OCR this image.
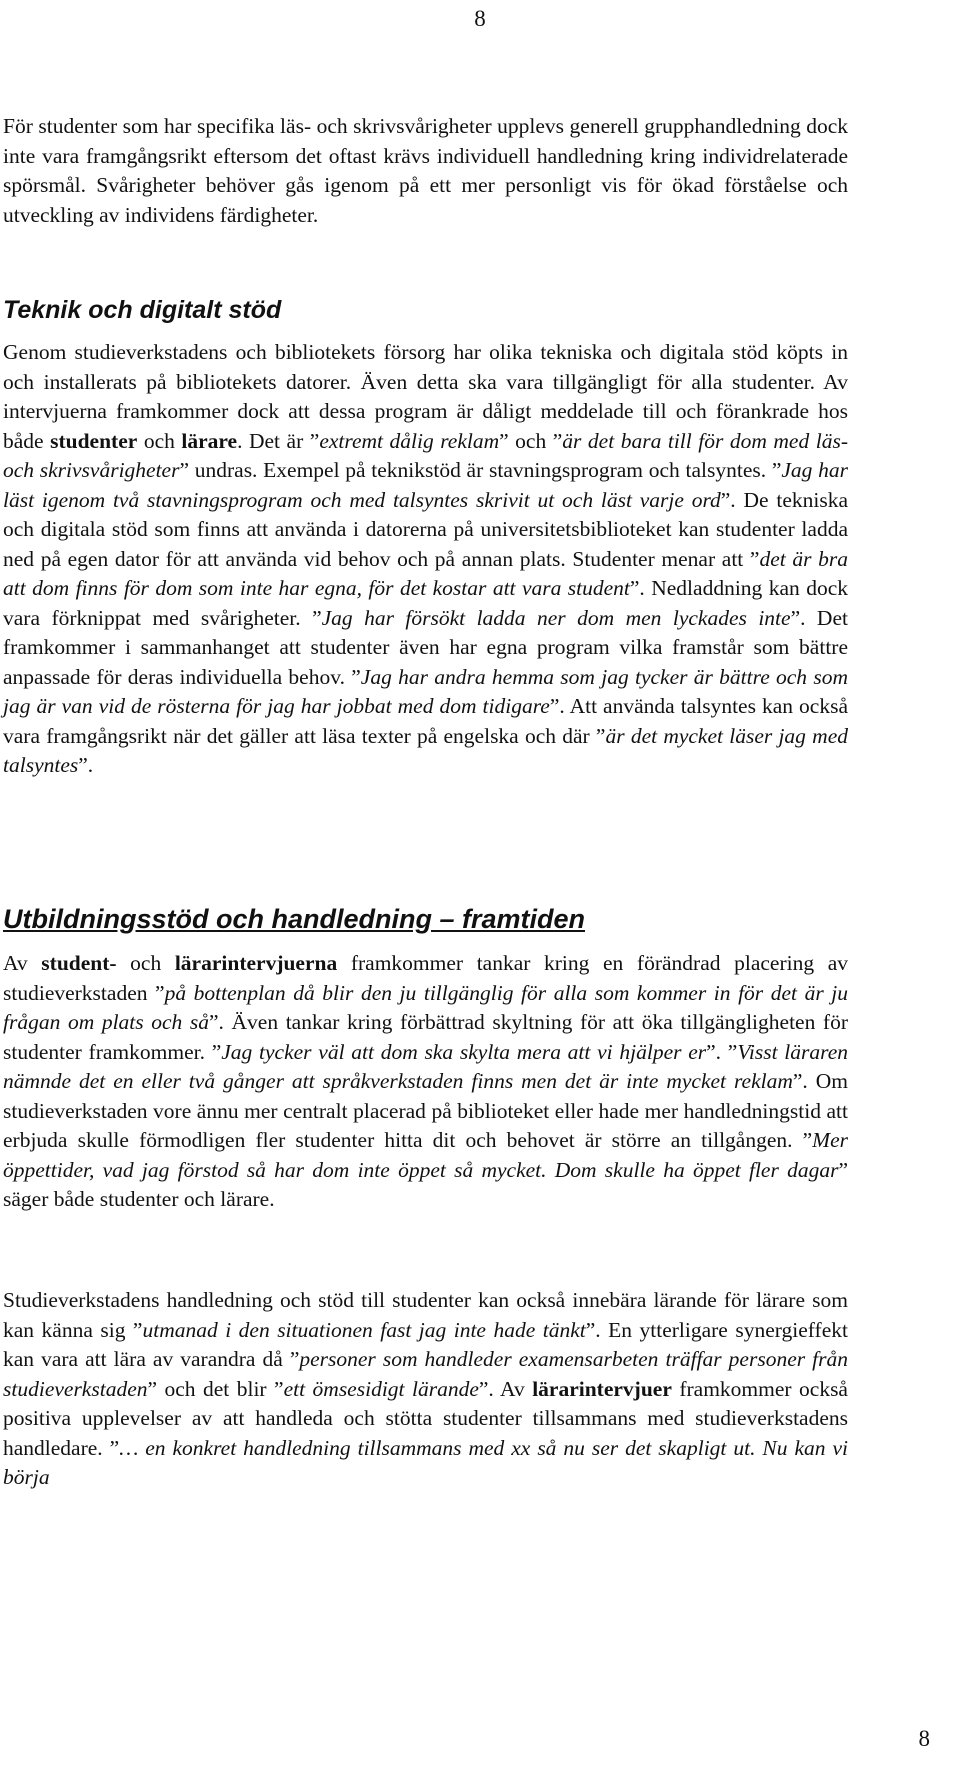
8

För studenter som har specifika läs- och skrivsvårigheter upplevs generell grupphandledning dock inte vara framgångsrikt eftersom det oftast krävs individuell handledning kring individrelaterade spörsmål. Svårigheter behöver gås igenom på ett mer personligt vis för ökad förståelse och utveckling av individens färdigheter.

Teknik och digitalt stöd

Genom studieverkstadens och bibliotekets försorg har olika tekniska och digitala stöd köpts in och installerats på bibliotekets datorer. Även detta ska vara tillgängligt för alla studenter. Av intervjuerna framkommer dock att dessa program är dåligt meddelade till och förankrade hos både studenter och lärare. Det är ”extremt dålig reklam” och ”är det bara till för dom med läs- och skrivsvårigheter” undras. Exempel på teknikstöd är stavningsprogram och talsyntes. ”Jag har läst igenom två stavningsprogram och med talsyntes skrivit ut och läst varje ord”. De tekniska och digitala stöd som finns att använda i datorerna på universitetsbiblioteket kan studenter ladda ned på egen dator för att använda vid behov och på annan plats. Studenter menar att ”det är bra att dom finns för dom som inte har egna, för det kostar att vara student”. Nedladdning kan dock vara förknippat med svårigheter. ”Jag har försökt ladda ner dom men lyckades inte”. Det framkommer i sammanhanget att studenter även har egna program vilka framstår som bättre anpassade för deras individuella behov. ”Jag har andra hemma som jag tycker är bättre och som jag är van vid de rösterna för jag har jobbat med dom tidigare”. Att använda talsyntes kan också vara framgångsrikt när det gäller att läsa texter på engelska och där ”är det mycket läser jag med talsyntes”.

Utbildningsstöd och handledning – framtiden

Av student- och lärarintervjuerna framkommer tankar kring en förändrad placering av studieverkstaden ”på bottenplan då blir den ju tillgänglig för alla som kommer in för det är ju frågan om plats och så”. Även tankar kring förbättrad skyltning för att öka tillgängligheten för studenter framkommer. ”Jag tycker väl att dom ska skylta mera att vi hjälper er”. ”Visst läraren nämnde det en eller två gånger att språkverkstaden finns men det är inte mycket reklam”. Om studieverkstaden vore ännu mer centralt placerad på biblioteket eller hade mer handledningstid att erbjuda skulle förmodligen fler studenter hitta dit och behovet är större an tillgången. ”Mer öppettider, vad jag förstod så har dom inte öppet så mycket. Dom skulle ha öppet fler dagar” säger både studenter och lärare.

Studieverkstadens handledning och stöd till studenter kan också innebära lärande för lärare som kan känna sig ”utmanad i den situationen fast jag inte hade tänkt”. En ytterligare synergieffekt kan vara att lära av varandra då ”personer som handleder examensarbeten träffar personer från studieverkstaden” och det blir ”ett ömsesidigt lärande”. Av lärarintervjuer framkommer också positiva upplevelser av att handleda och stötta studenter tillsammans med studieverkstadens handledare. ”… en konkret handledning tillsammans med xx så nu ser det skapligt ut. Nu kan vi börja

8
